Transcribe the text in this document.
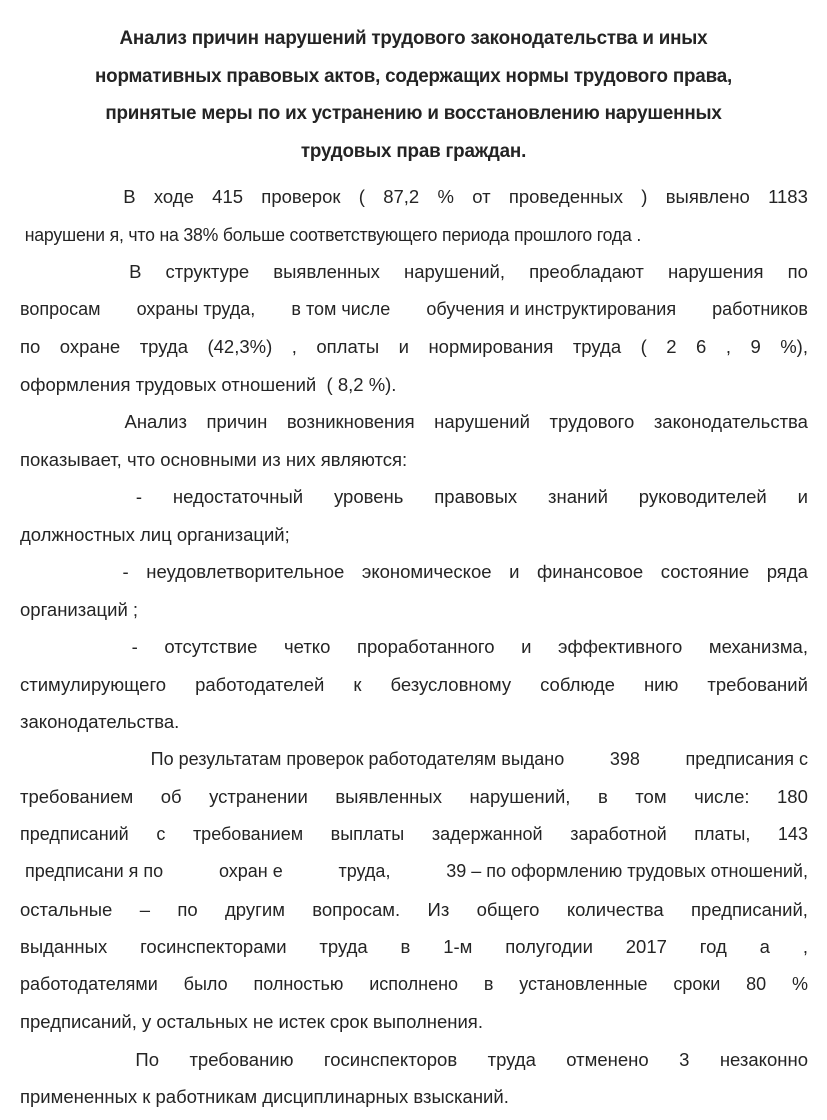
Анализ причин нарушений трудового законодательства и иных
нормативных правовых актов, содержащих нормы трудового права,
принятые меры по их устранению и восстановлению нарушенных
трудовых прав граждан.
В ходе 415 проверок ( 87,2 % от проведенных ) выявлено 1183
нарушени я, что на 38% больше соответствующего периода прошлого года .
В структуре выявленных нарушений, преобладают нарушения по
вопросам охраны труда, в том числе обучения и инструктирования работников
по охране труда (42,3%) , оплаты и нормирования труда ( 2 6 , 9 %),
оформления трудовых отношений  ( 8,2 %).
Анализ причин возникновения нарушений трудового законодательства
показывает, что основными из них являются:
- недостаточный уровень правовых знаний руководителей и
должностных лиц организаций;
- неудовлетворительное экономическое и финансовое состояние ряда
организаций ;
- отсутствие четко проработанного и эффективного механизма,
стимулирующего работодателей к безусловному соблюде нию требований
законодательства.
По результатам проверок работодателям выдано	398	предписания с
требованием об устранении выявленных нарушений, в том числе: 180
предписаний с требованием выплаты задержанной заработной платы, 143
предписани я по	охран е	труда,	39 – по оформлению трудовых отношений,
остальные – по другим вопросам. Из общего количества предписаний,
выданных госинспекторами труда в 1-м полугодии 2017 год а ,
работодателями было полностью исполнено в установленные сроки 80 %
предписаний, у остальных не истек срок выполнения.
По требованию госинспекторов труда отменено 3 незаконно
примененных к работникам дисциплинарных взысканий.
